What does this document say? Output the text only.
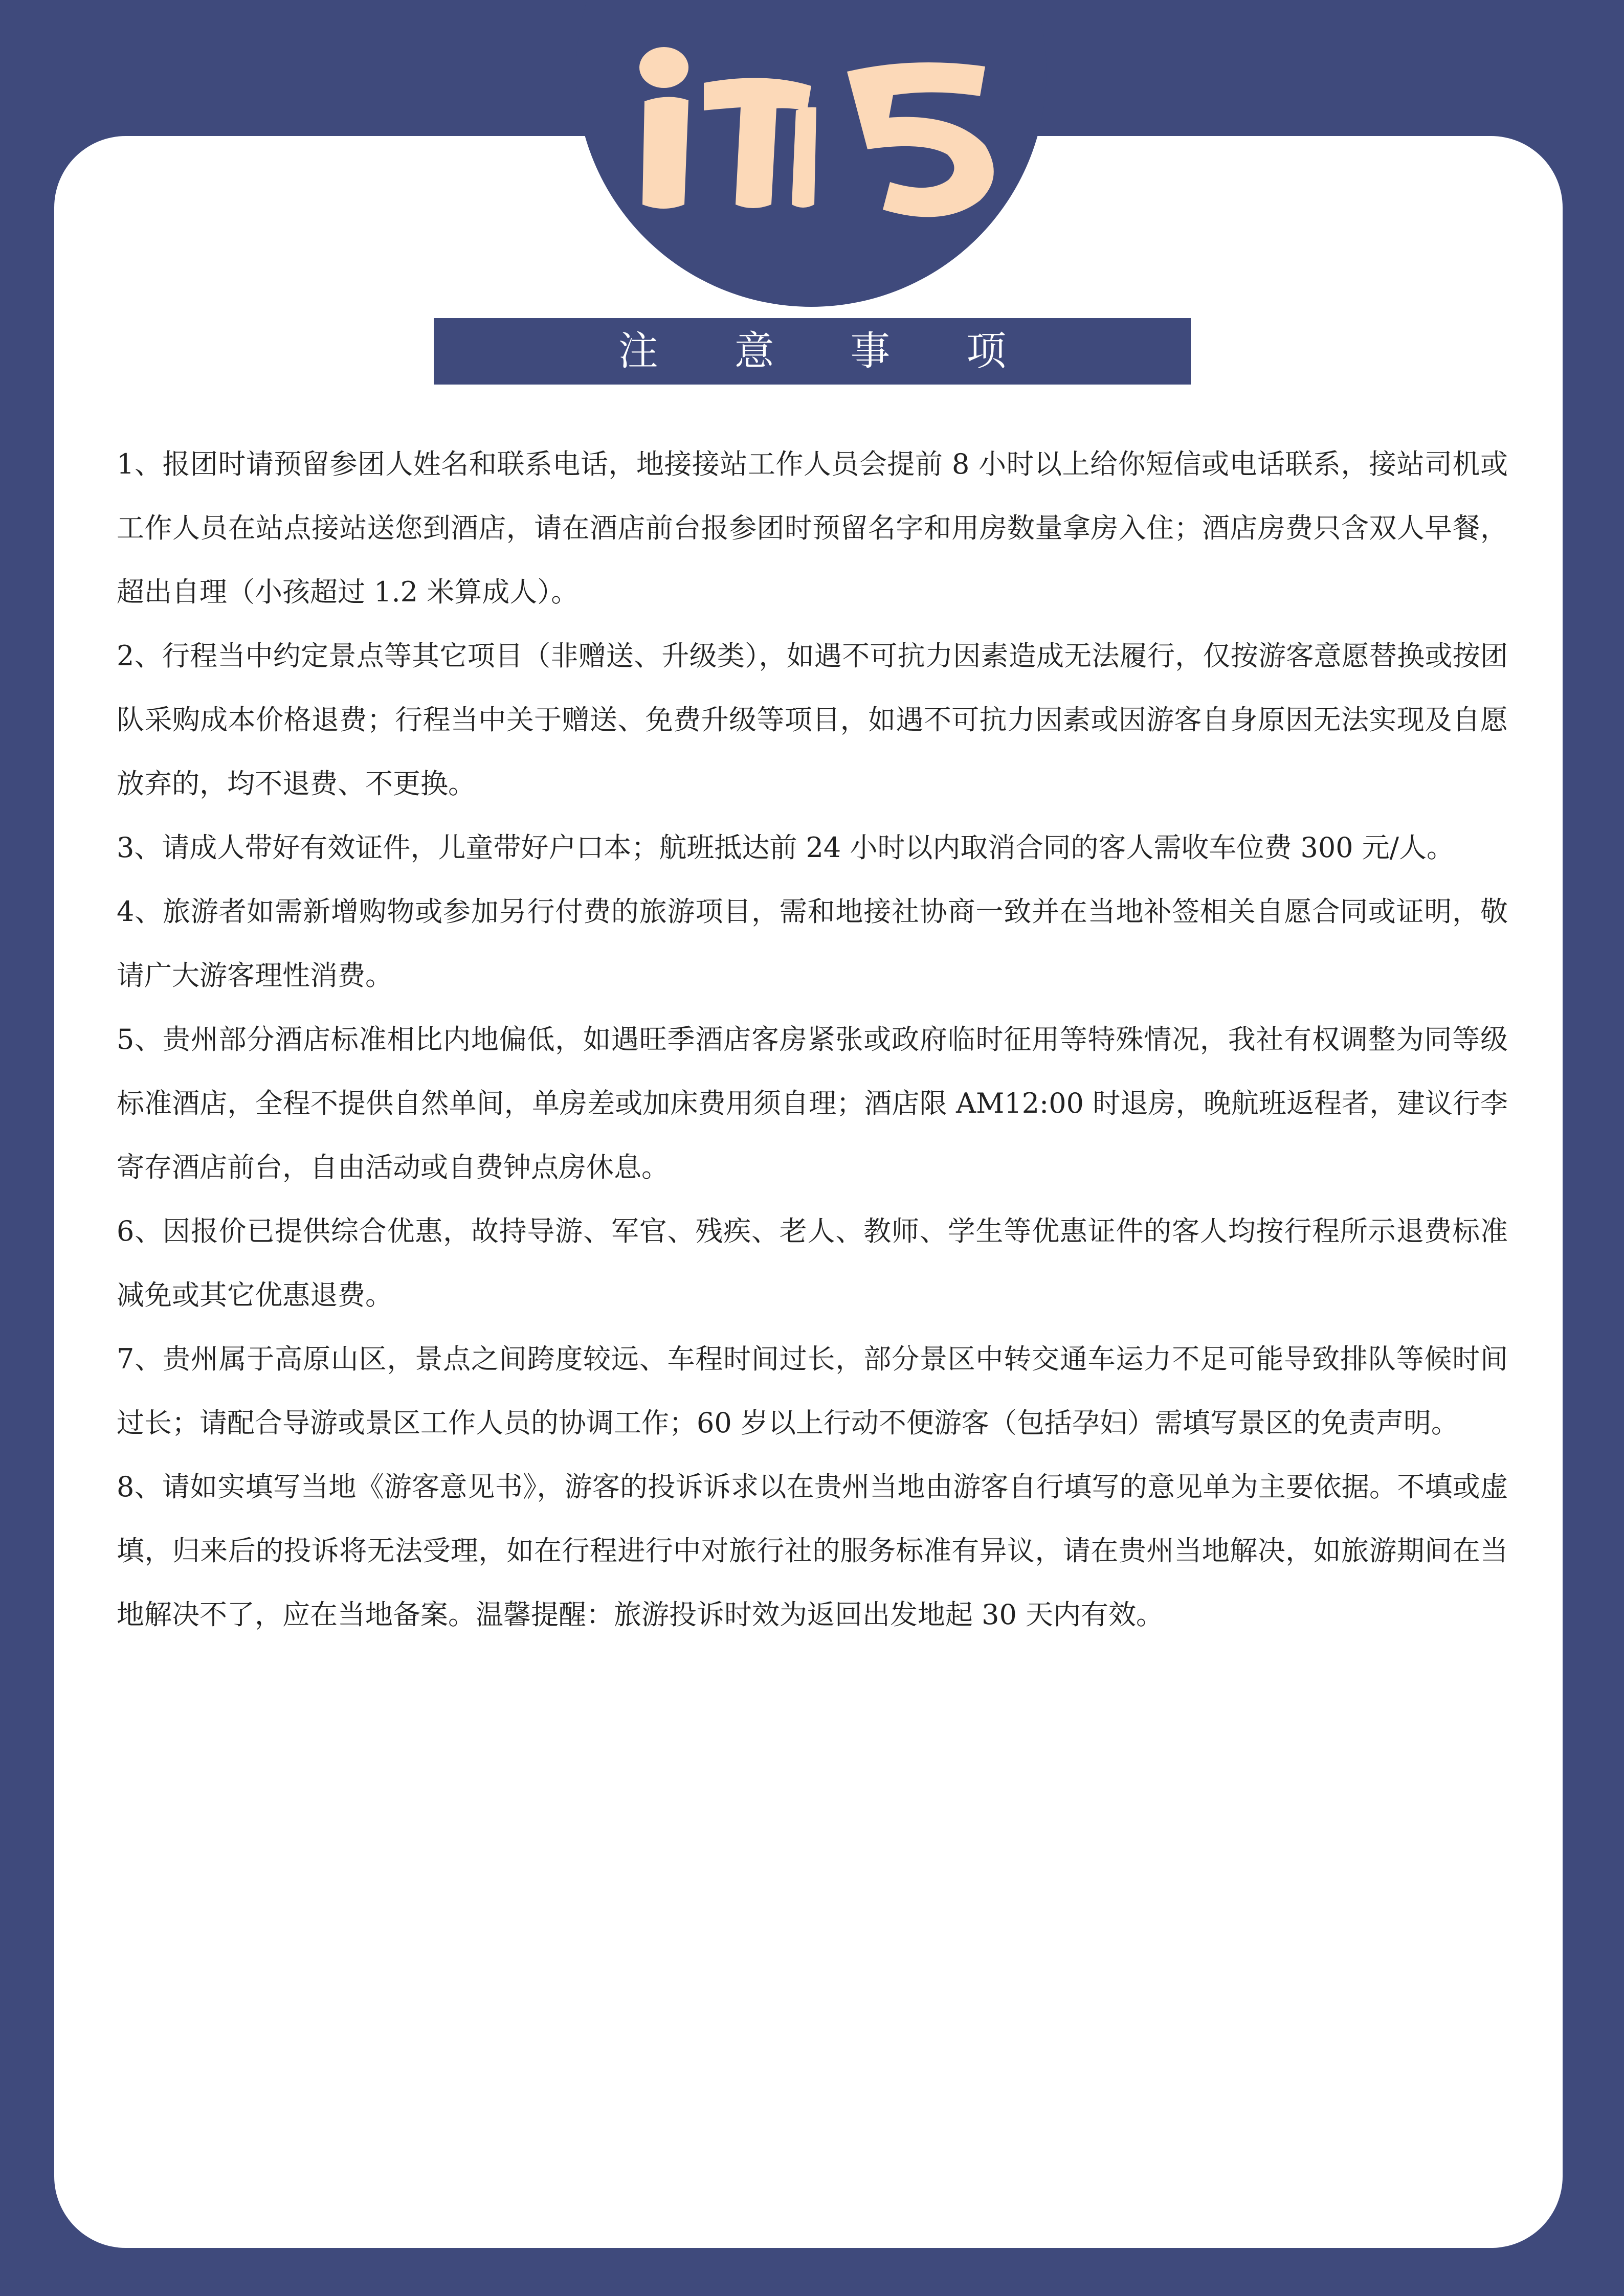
注 意 事 项

1、报团时请预留参团人姓名和联系电话，地接接站工作人员会提前 8 小时以上给你短信或电话联系，接站司机或工作人员在站点接站送您到酒店，请在酒店前台报参团时预留名字和用房数量拿房入住；酒店房费只含双人早餐，超出自理（小孩超过 1.2 米算成人）。

2、行程当中约定景点等其它项目（非赠送、升级类），如遇不可抗力因素造成无法履行，仅按游客意愿替换或按团队采购成本价格退费；行程当中关于赠送、免费升级等项目，如遇不可抗力因素或因游客自身原因无法实现及自愿放弃的，均不退费、不更换。

3、请成人带好有效证件，儿童带好户口本；航班抵达前 24 小时以内取消合同的客人需收车位费 300 元/人。

4、旅游者如需新增购物或参加另行付费的旅游项目，需和地接社协商一致并在当地补签相关自愿合同或证明，敬请广大游客理性消费。

5、贵州部分酒店标准相比内地偏低，如遇旺季酒店客房紧张或政府临时征用等特殊情况，我社有权调整为同等级标准酒店，全程不提供自然单间，单房差或加床费用须自理；酒店限 AM12:00 时退房，晚航班返程者，建议行李寄存酒店前台，自由活动或自费钟点房休息。

6、因报价已提供综合优惠，故持导游、军官、残疾、老人、教师、学生等优惠证件的客人均按行程所示退费标准减免或其它优惠退费。

7、贵州属于高原山区，景点之间跨度较远、车程时间过长，部分景区中转交通车运力不足可能导致排队等候时间过长；请配合导游或景区工作人员的协调工作；60 岁以上行动不便游客（包括孕妇）需填写景区的免责声明。

8、请如实填写当地《游客意见书》，游客的投诉诉求以在贵州当地由游客自行填写的意见单为主要依据。不填或虚填，归来后的投诉将无法受理，如在行程进行中对旅行社的服务标准有异议，请在贵州当地解决，如旅游期间在当地解决不了，应在当地备案。温馨提醒：旅游投诉时效为返回出发地起 30 天内有效。
